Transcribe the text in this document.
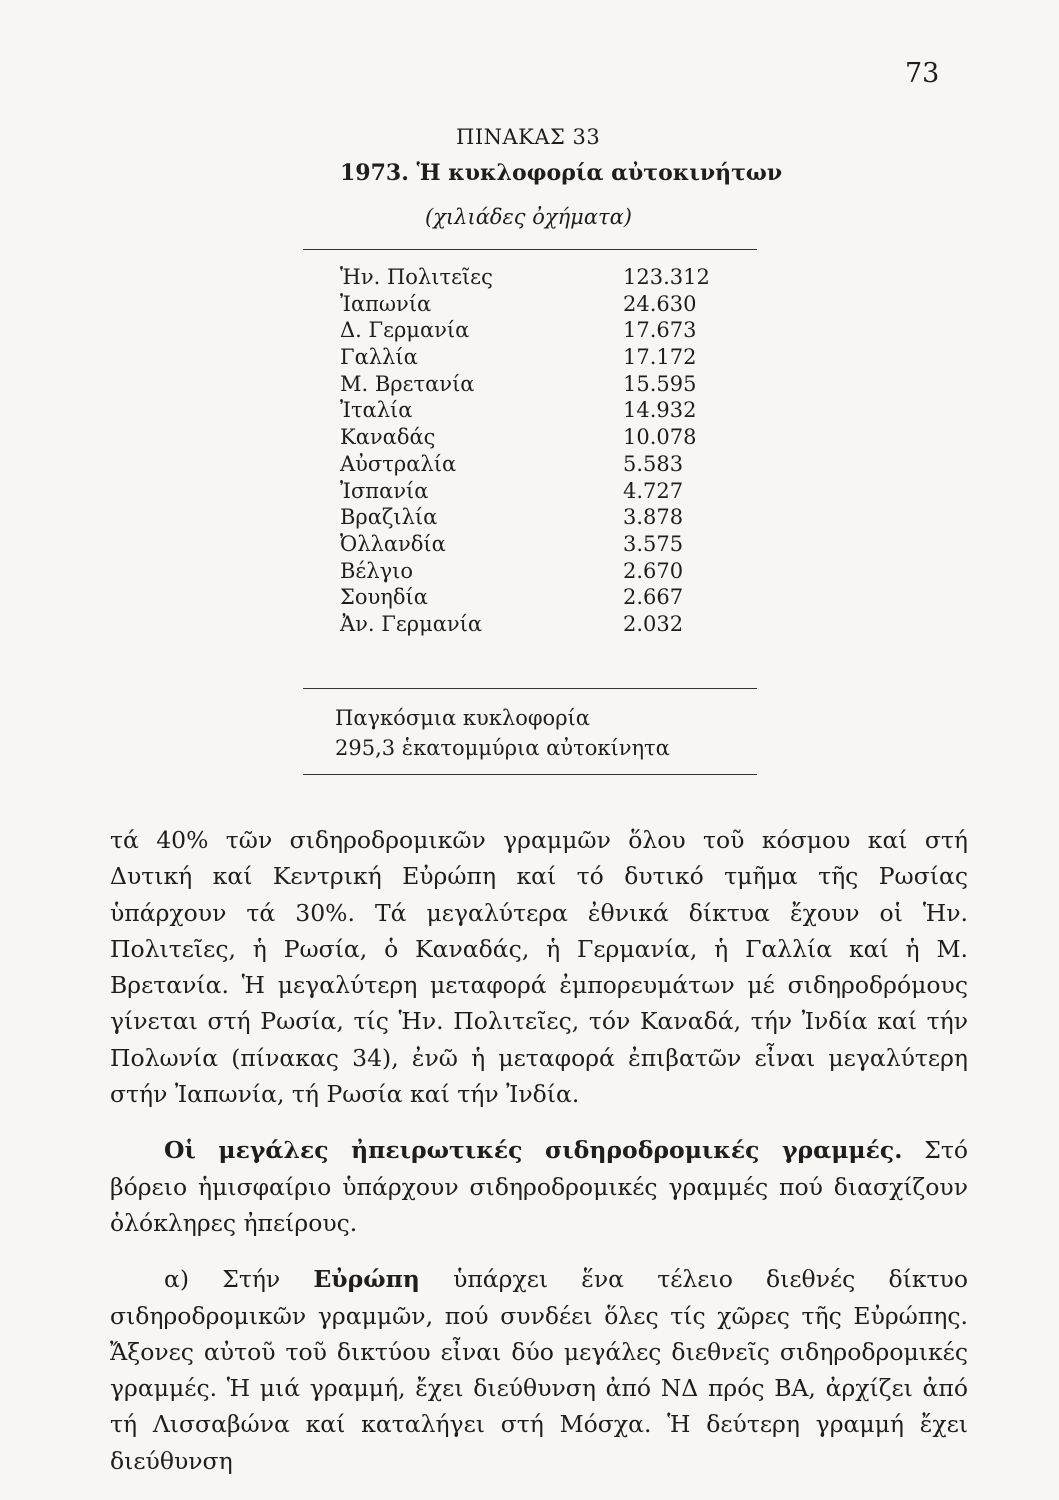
73
ΠΙΝΑΚΑΣ 33
1973. Ἡ κυκλοφορία αὐτοκινήτων
(χιλιάδες ὀχήματα)
Ἡν. Πολιτεῖες	123.312
Ἰαπωνία	24.630
Δ. Γερμανία	17.673
Γαλλία	17.172
Μ. Βρετανία	15.595
Ἰταλία	14.932
Καναδάς	10.078
Αὐστραλία	5.583
Ἰσπανία	4.727
Βραζιλία	3.878
Ὀλλανδία	3.575
Βέλγιο	2.670
Σουηδία	2.667
Ἀν. Γερμανία	2.032
Παγκόσμια κυκλοφορία
295,3 ἑκατομμύρια αὐτοκίνητα

τά 40% τῶν σιδηροδρομικῶν γραμμῶν ὅλου τοῦ κόσμου καί στή Δυτική καί Κεντρική Εὐρώπη καί τό δυτικό τμῆμα τῆς Ρωσίας ὑπάρχουν τά 30%. Τά μεγαλύτερα ἐθνικά δίκτυα ἔχουν οἱ Ἡν. Πολιτεῖες, ἡ Ρωσία, ὁ Καναδάς, ἡ Γερμανία, ἡ Γαλλία καί ἡ Μ. Βρετανία. Ἡ μεγαλύτερη μεταφορά ἐμπορευμάτων μέ σιδηροδρόμους γίνεται στή Ρωσία, τίς Ἡν. Πολιτεῖες, τόν Καναδά, τήν Ἰνδία καί τήν Πολωνία (πίνακας 34), ἐνῶ ἡ μεταφορά ἐπιβατῶν εἶναι μεγαλύτερη στήν Ἰαπωνία, τή Ρωσία καί τήν Ἰνδία.

Οἱ μεγάλες ἠπειρωτικές σιδηροδρομικές γραμμές. Στό βόρειο ἡμισφαίριο ὑπάρχουν σιδηροδρομικές γραμμές πού διασχίζουν ὁλόκληρες ἠπείρους.

α) Στήν Εὐρώπη ὑπάρχει ἕνα τέλειο διεθνές δίκτυο σιδηροδρομικῶν γραμμῶν, πού συνδέει ὅλες τίς χῶρες τῆς Εὐρώπης. Ἄξονες αὐτοῦ τοῦ δικτύου εἶναι δύο μεγάλες διεθνεῖς σιδηροδρομικές γραμμές. Ἡ μιά γραμμή, ἔχει διεύθυνση ἀπό ΝΔ πρός ΒΑ, ἀρχίζει ἀπό τή Λισσαβώνα καί καταλήγει στή Μόσχα. Ἡ δεύτερη γραμμή ἔχει διεύθυνση
